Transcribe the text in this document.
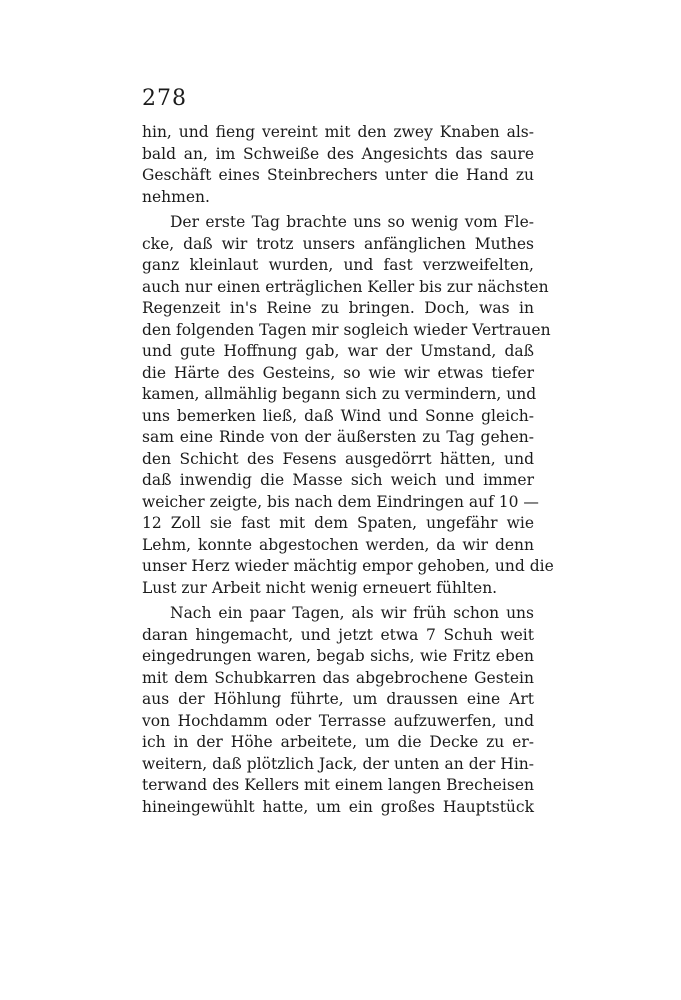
278
hin, und fieng vereint mit den zwey Knaben als-
bald an, im Schweiße des Angesichts das saure
Geschäft eines Steinbrechers unter die Hand zu
nehmen.
Der erste Tag brachte uns so wenig vom Fle-
cke, daß wir trotz unsers anfänglichen Muthes
ganz kleinlaut wurden, und fast verzweifelten,
auch nur einen erträglichen Keller bis zur nächsten
Regenzeit in's Reine zu bringen. Doch, was in
den folgenden Tagen mir sogleich wieder Vertrauen
und gute Hoffnung gab, war der Umstand, daß
die Härte des Gesteins, so wie wir etwas tiefer
kamen, allmählig begann sich zu vermindern, und
uns bemerken ließ, daß Wind und Sonne gleich-
sam eine Rinde von der äußersten zu Tag gehen-
den Schicht des Fesens ausgedörrt hätten, und
daß inwendig die Masse sich weich und immer
weicher zeigte, bis nach dem Eindringen auf 10 —
12 Zoll sie fast mit dem Spaten, ungefähr wie
Lehm, konnte abgestochen werden, da wir denn
unser Herz wieder mächtig empor gehoben, und die
Lust zur Arbeit nicht wenig erneuert fühlten.
Nach ein paar Tagen, als wir früh schon uns
daran hingemacht, und jetzt etwa 7 Schuh weit
eingedrungen waren, begab sichs, wie Fritz eben
mit dem Schubkarren das abgebrochene Gestein
aus der Höhlung führte, um draussen eine Art
von Hochdamm oder Terrasse aufzuwerfen, und
ich in der Höhe arbeitete, um die Decke zu er-
weitern, daß plötzlich Jack, der unten an der Hin-
terwand des Kellers mit einem langen Brecheisen
hineingewühlt hatte, um ein großes Hauptstück
